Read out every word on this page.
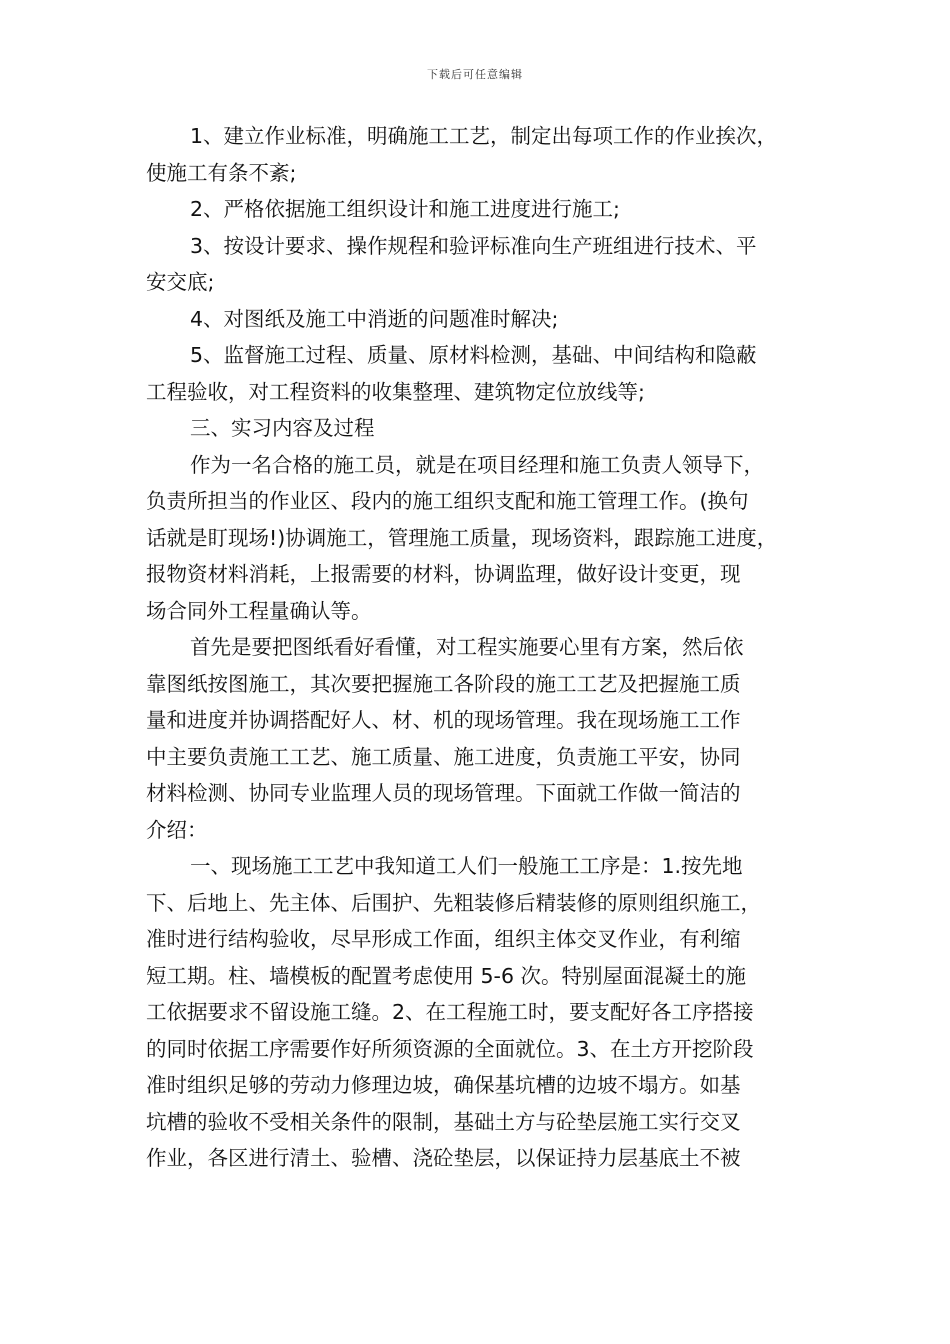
下载后可任意编辑
1、建立作业标准，明确施工工艺，制定出每项工作的作业挨次，
使施工有条不紊;
2、严格依据施工组织设计和施工进度进行施工;
3、按设计要求、操作规程和验评标准向生产班组进行技术、平
安交底;
4、对图纸及施工中消逝的问题准时解决;
5、监督施工过程、质量、原材料检测，基础、中间结构和隐蔽
工程验收，对工程资料的收集整理、建筑物定位放线等;
三、实习内容及过程
作为一名合格的施工员，就是在项目经理和施工负责人领导下，
负责所担当的作业区、段内的施工组织支配和施工管理工作。(换句
话就是盯现场!)协调施工，管理施工质量，现场资料，跟踪施工进度，
报物资材料消耗，上报需要的材料，协调监理，做好设计变更，现
场合同外工程量确认等。
首先是要把图纸看好看懂，对工程实施要心里有方案，然后依
靠图纸按图施工，其次要把握施工各阶段的施工工艺及把握施工质
量和进度并协调搭配好人、材、机的现场管理。我在现场施工工作
中主要负责施工工艺、施工质量、施工进度，负责施工平安，协同
材料检测、协同专业监理人员的现场管理。下面就工作做一简洁的
介绍：
一、现场施工工艺中我知道工人们一般施工工序是：1.按先地
下、后地上、先主体、后围护、先粗装修后精装修的原则组织施工，
准时进行结构验收，尽早形成工作面，组织主体交叉作业，有利缩
短工期。柱、墙模板的配置考虑使用 5-6 次。特别屋面混凝土的施
工依据要求不留设施工缝。2、在工程施工时，要支配好各工序搭接
的同时依据工序需要作好所须资源的全面就位。3、在土方开挖阶段
准时组织足够的劳动力修理边坡，确保基坑槽的边坡不塌方。如基
坑槽的验收不受相关条件的限制，基础土方与砼垫层施工实行交叉
作业，各区进行清土、验槽、浇砼垫层，以保证持力层基底土不被
